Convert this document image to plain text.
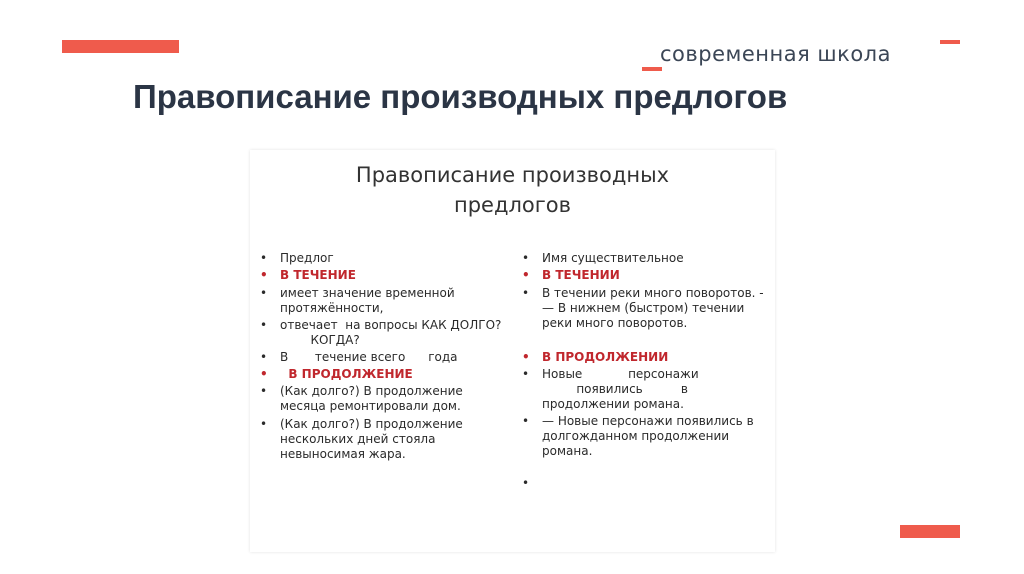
современная школа
Правописание производных предлогов
Правописание производных
предлогов
• Предлог
• В ТЕЧЕНИЕ
• имеет значение временной
протяжённости,
• отвечает  на вопросы КАК ДОЛГО?
КОГДА?
• В       течение всего      года
• В ПРОДОЛЖЕНИЕ
• (Как долго?) В продолжение
месяца ремонтировали дом.
• (Как долго?) В продолжение
нескольких дней стояла
невыносимая жара.
• Имя существительное
• В ТЕЧЕНИИ
• В течении реки много поворотов. -
— В нижнем (быстром) течении
реки много поворотов.
• В ПРОДОЛЖЕНИИ
• Новые            персонажи
появились          в
продолжении романа.
• — Новые персонажи появились в
долгожданном продолжении
романа.
•
